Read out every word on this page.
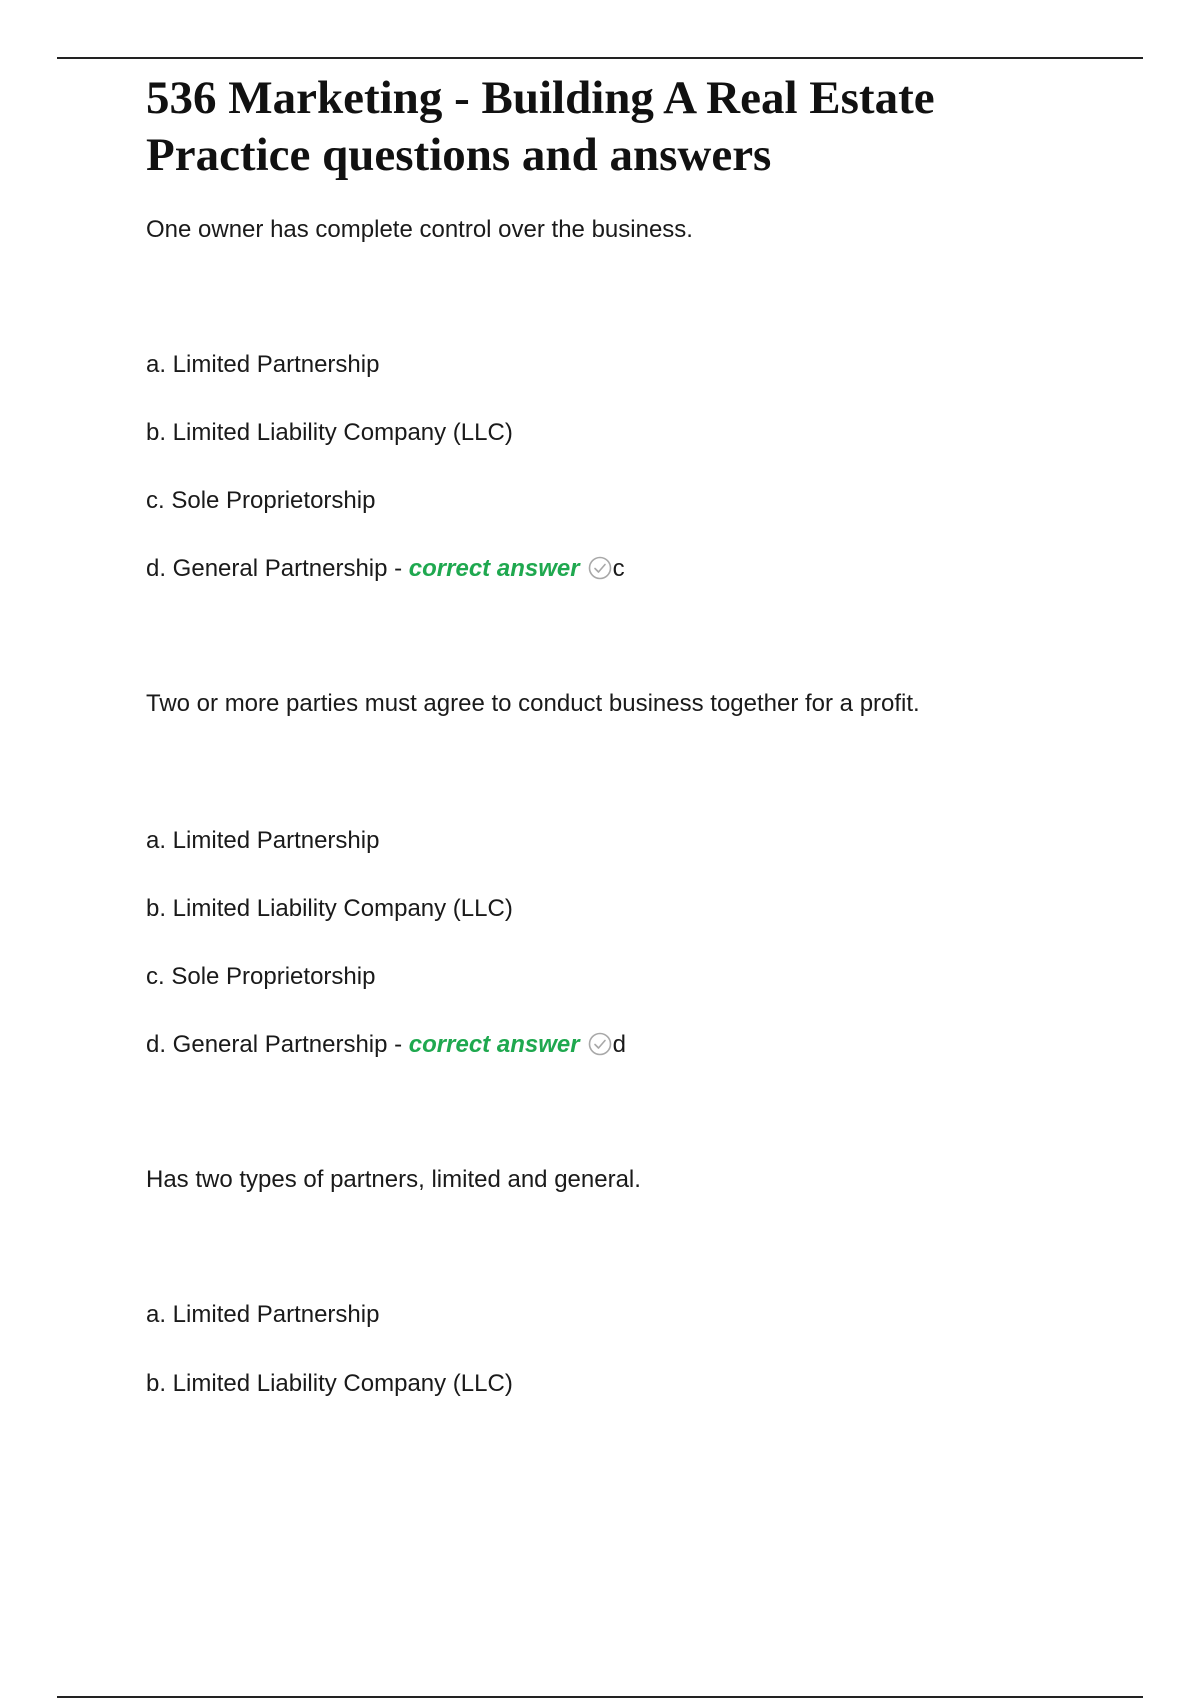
536 Marketing - Building A Real Estate
Practice questions and answers

One owner has complete control over the business.

a. Limited Partnership

b. Limited Liability Company (LLC)

c. Sole Proprietorship

d. General Partnership - correct answer c

Two or more parties must agree to conduct business together for a profit.

a. Limited Partnership

b. Limited Liability Company (LLC)

c. Sole Proprietorship

d. General Partnership - correct answer d

Has two types of partners, limited and general.

a. Limited Partnership

b. Limited Liability Company (LLC)
